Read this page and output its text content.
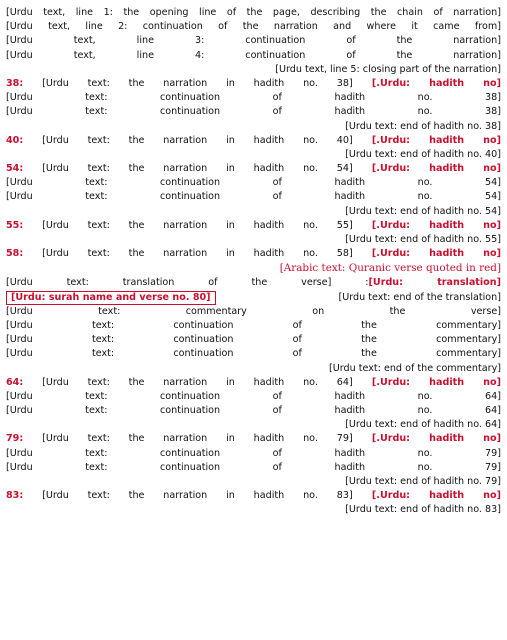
[Urdu text, line 1: the opening line of the page, describing the chain of narration]
[Urdu text, line 2: continuation of the narration and where it came from]
[Urdu text, line 3: continuation of the narration]
[Urdu text, line 4: continuation of the narration]
[Urdu text, line 5: closing part of the narration]
[Urdu: hadith no.] 38: [Urdu text: the narration in hadith no. 38]
[Urdu text: continuation of hadith no. 38]
[Urdu text: continuation of hadith no. 38]
[Urdu text: end of hadith no. 38]
[Urdu: hadith no.] 40: [Urdu text: the narration in hadith no. 40]
[Urdu text: end of hadith no. 40]
[Urdu: hadith no.] 54: [Urdu text: the narration in hadith no. 54]
[Urdu text: continuation of hadith no. 54]
[Urdu text: continuation of hadith no. 54]
[Urdu text: end of hadith no. 54]
[Urdu: hadith no.] 55: [Urdu text: the narration in hadith no. 55]
[Urdu text: end of hadith no. 55]
[Urdu: hadith no.] 58: [Urdu text: the narration in hadith no. 58]
[Arabic text: Quranic verse quoted in red]
[Urdu: translation]: [Urdu text: translation of the verse]
[Urdu text: end of the translation]
[Urdu: surah name and verse no. 80]
[Urdu text: commentary on the verse]
[Urdu text: continuation of the commentary]
[Urdu text: continuation of the commentary]
[Urdu text: continuation of the commentary]
[Urdu text: end of the commentary]
[Urdu: hadith no.] 64: [Urdu text: the narration in hadith no. 64]
[Urdu text: continuation of hadith no. 64]
[Urdu text: continuation of hadith no. 64]
[Urdu text: end of hadith no. 64]
[Urdu: hadith no.] 79: [Urdu text: the narration in hadith no. 79]
[Urdu text: continuation of hadith no. 79]
[Urdu text: continuation of hadith no. 79]
[Urdu text: end of hadith no. 79]
[Urdu: hadith no.] 83: [Urdu text: the narration in hadith no. 83]
[Urdu text: end of hadith no. 83]
